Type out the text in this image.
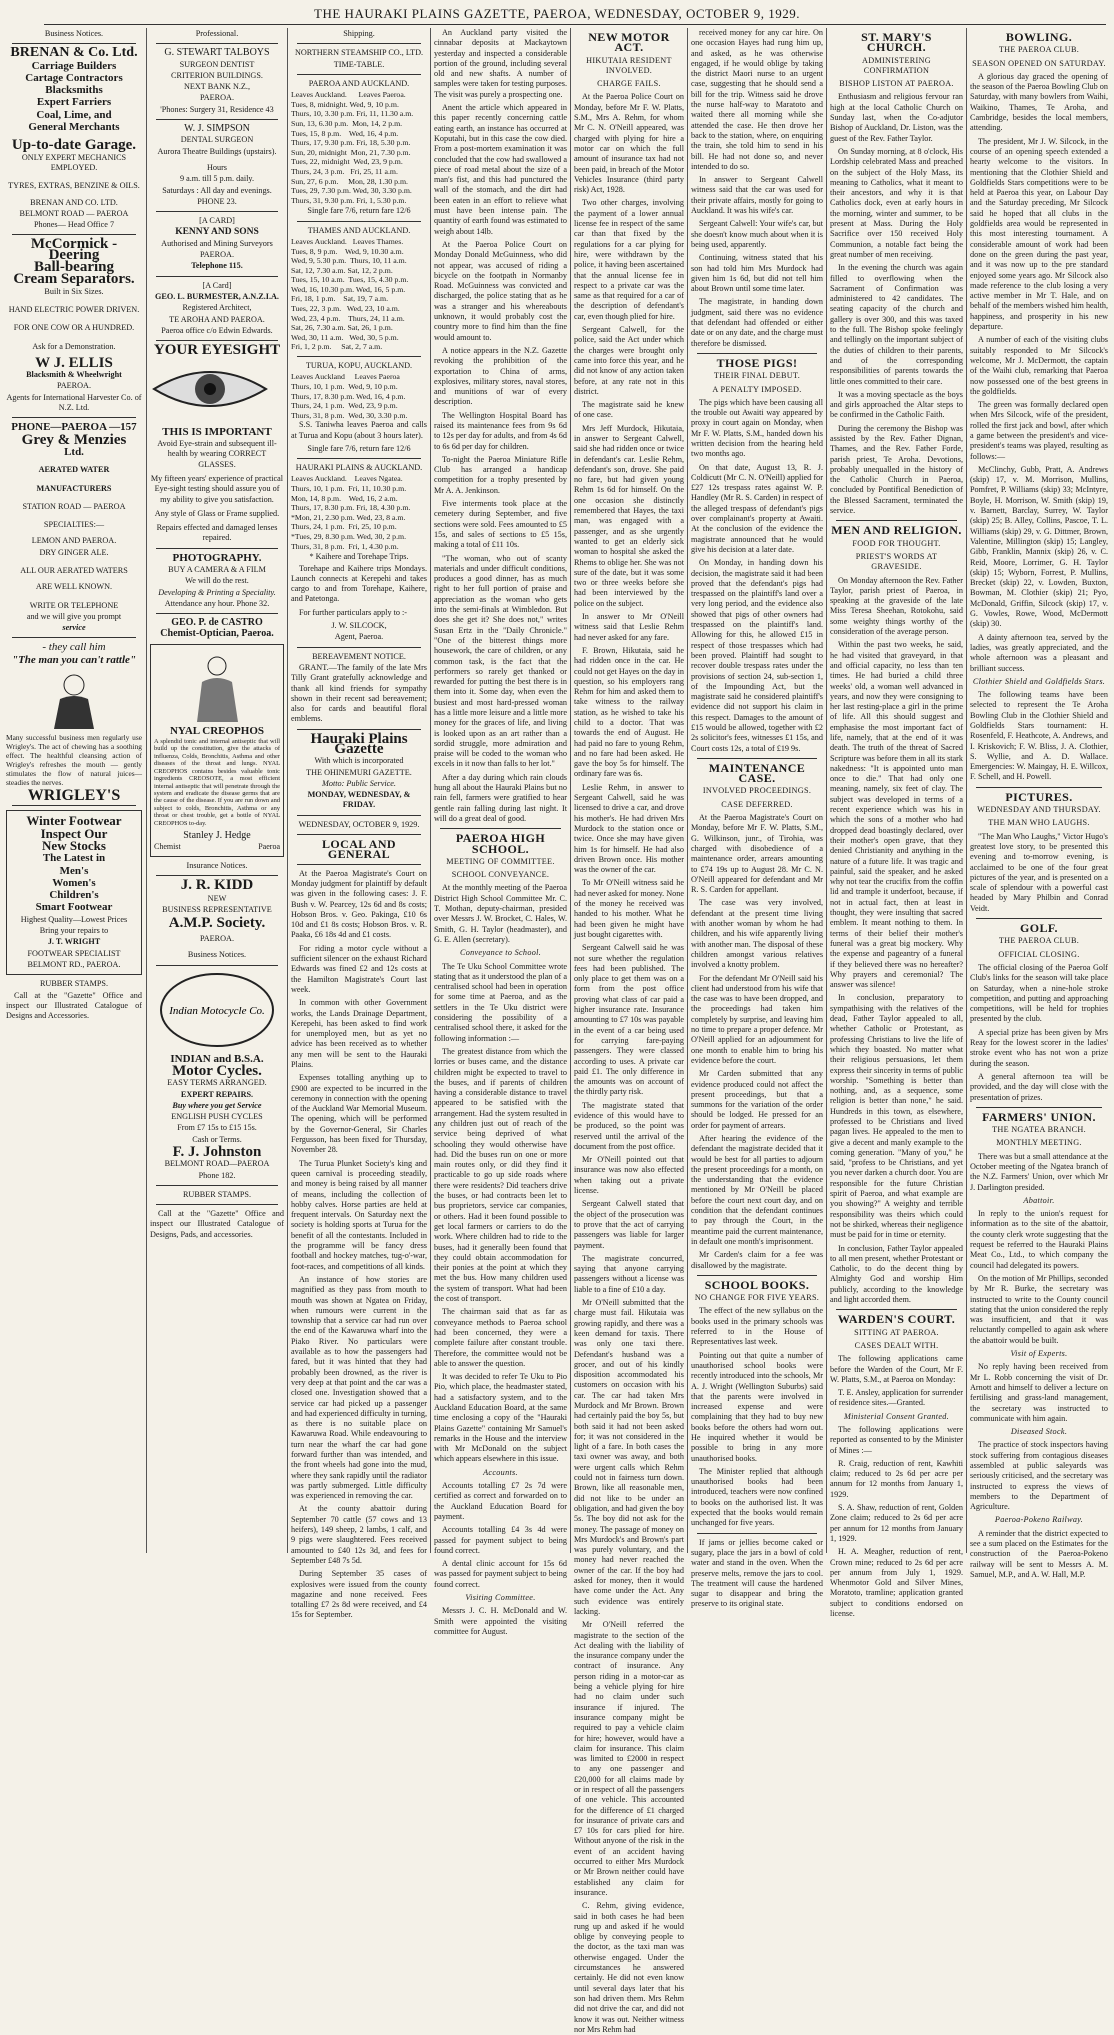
THE HAURAKI PLAINS GAZETTE, PAEROA, WEDNESDAY, OCTOBER 9, 1929.
Business Notices.
BRENAN & Co. Ltd.
Carriage Builders
Cartage Contractors
Blacksmiths
Expert Farriers
Coal, Lime, and
General Merchants
Up-to-date Garage.
ONLY EXPERT MECHANICS EMPLOYED.
TYRES, EXTRAS, BENZINE & OILS.
BRENAN AND CO. LTD.
BELMONT ROAD — PAEROA
Phones— Head Office 7
McCormick - Deering
Ball-bearing
Cream Separators.
Built in Six Sizes.
HAND ELECTRIC POWER DRIVEN.
FOR ONE COW OR A HUNDRED.
Ask for a Demonstration.
W J. ELLIS
Blacksmith & Wheelwright
PAEROA.
Agents for International Harvester Co. of N.Z. Ltd.
PHONE—PAEROA —157
Grey & Menzies
Ltd.
AERATED WATER
MANUFACTURERS
STATION ROAD — PAEROA
SPECIALTIES:—
LEMON AND PAEROA.
DRY GINGER ALE.
ALL OUR AERATED WATERS
ARE WELL KNOWN.
WRITE OR TELEPHONE
and we will give you prompt
service
- they call him
"The man you can't rattle"
Many successful business men regularly use Wrigley's. The act of chewing has a soothing effect. The healthful cleansing action of Wrigley's refreshes the mouth — gently stimulates the flow of natural juices—steadies the nerves.
WRIGLEY'S
Winter Footwear
Inspect Our
New Stocks
The Latest in
Men's
Women's
Children's
Smart Footwear
Highest Quality—Lowest Prices
Bring your repairs to
J. T. WRIGHT
FOOTWEAR SPECIALIST
BELMONT RD., PAEROA.
RUBBER STAMPS.

Call at the "Gazette" Office and inspect our Illustrated Catalogue of Designs and Accessories.

Professional.
G. STEWART TALBOYS
SURGEON DENTIST
CRITERION BUILDINGS.
NEXT BANK N.Z.,
PAEROA.
'Phones: Surgery 31, Residence 43
W. J. SIMPSON
DENTAL SURGEON
Aurora Theatre Buildings (upstairs).
Hours
9 a.m. till 5 p.m. daily.
Saturdays : All day and evenings.
PHONE 23.
[A CARD]
KENNY AND SONS
Authorised and Mining Surveyors
PAEROA.
Telephone 115.
[A Card]
GEO. L. BURMESTER, A.N.Z.I.A.
Registered Architect,
TE AROHA AND PAEROA.
Paeroa office c/o Edwin Edwards.
YOUR EYESIGHT
THIS IS IMPORTANT
Avoid Eye-strain and subsequent ill-health by wearing CORRECT GLASSES.
My fifteen years' experience of practical Eye-sight testing should assure you of my ability to give you satisfaction.
Any style of Glass or Frame supplied.
Repairs effected and damaged lenses repaired.
PHOTOGRAPHY.
BUY A CAMERA & A FILM
We will do the rest.
Developing & Printing a Speciality.
Attendance any hour. Phone 32.
GEO. P. de CASTRO
Chemist-Optician, Paeroa.
NYAL CREOPHOS
A splendid tonic and internal antiseptic that will build up the constitution, give the attacks of influenza, Colds, Bronchitis, Asthma and other diseases of the throat and lungs. NYAL CREOPHOS contains besides valuable tonic ingredients CREOSOTE, a most efficient internal antiseptic that will penetrate through the system and eradicate the disease germs that are the cause of the disease. If you are run down and subject to colds, Bronchitis, Asthma or any throat or chest trouble, get a bottle of NYAL CREOPHOS to-day.
Stanley J. Hedge
Chemist	Paeroa
Insurance Notices.
J. R. KIDD
NEW
BUSINESS REPRESENTATIVE
A.M.P. Society.
PAEROA.
Business Notices.
Indian Motocycle Co.
INDIAN and B.S.A.
Motor Cycles.
EASY TERMS ARRANGED.
EXPERT REPAIRS.
Buy where you get Service
ENGLISH PUSH CYCLES
From £7 15s to £15 15s.
Cash or Terms.
F. J. Johnston
BELMONT ROAD—PAEROA
Phone 182.
RUBBER STAMPS.

Call at the "Gazette" Office and inspect our Illustrated Catalogue of Designs, Pads, and accessories.

Shipping.
NORTHERN STEAMSHIP CO., LTD.
TIME-TABLE.
PAEROA AND AUCKLAND.
Leaves Auckland.      Leaves Paeroa.
Tues, 8, midnight. Wed, 9, 10 p.m.
Thurs, 10, 3.30 p.m. Fri, 11, 11.30 a.m.
Sun, 13, 6.30 p.m.  Mon, 14, 2 p.m.
Tues, 15, 8 p.m.    Wed, 16, 4 p.m.
Thurs, 17, 9.30 p.m. Fri, 18, 5.30 p.m.
Sun, 20, midnight  Mon, 21, 7.30 p.m.
Tues, 22, midnight  Wed, 23, 9 p.m.
Thurs, 24, 3 p.m.   Fri, 25, 11 a.m.
Sun, 27, 6 p.m.     Mon, 28, 1.30 p.m.
Tues, 29, 7.30 p.m. Wed, 30, 3.30 p.m.
Thurs, 31, 9.30 p.m. Fri, 1, 5.30 p.m.
Single fare 7/6, return fare 12/6
THAMES AND AUCKLAND.
Leaves Auckland.   Leaves Thames.
Tues, 8, 9 p.m.    Wed, 9, 10.30 a.m.
Wed, 9, 5.30 p.m.  Thurs, 10, 11 a.m.
Sat, 12, 7.30 a.m. Sat, 12, 2 p.m.
Tues, 15, 10 a.m.  Tues, 15, 4.30 p.m.
Wed, 16, 10.30 p.m. Wed, 16, 5 p.m.
Fri, 18, 1 p.m.    Sat, 19, 7 a.m.
Tues, 22, 3 p.m.   Wed, 23, 10 a.m.
Wed, 23, 4 p.m.    Thurs, 24, 11 a.m.
Sat, 26, 7.30 a.m. Sat, 26, 1 p.m.
Wed, 30, 11 a.m.   Wed, 30, 5 p.m.
Fri, 1, 2 p.m.     Sat, 2, 7 a.m.
TURUA, KOPU, AUCKLAND.
Leaves Auckland     Leaves Paeroa
Thurs, 10, 1 p.m.  Wed, 9, 10 p.m.
Thurs, 17, 8.30 p.m. Wed, 16, 4 p.m.
Thurs, 24, 1 p.m.  Wed, 23, 9 p.m.
Thurs, 31, 8 p.m.  Wed, 30, 3.30 p.m.

S.S. Taniwha leaves Paeroa and calls at Turua and Kopu (about 3 hours later).

Single fare 7/6, return fare 12/6
HAURAKI PLAINS & AUCKLAND.
Leaves Auckland.    Leaves Ngatea.
Thurs, 10, 1 p.m.  Fri, 11, 10.30 p.m.
Mon, 14, 8 p.m.    Wed, 16, 2 a.m.
Thurs, 17, 8.30 p.m. Fri, 18, 4.30 p.m.
*Mon, 21, 2.30 p.m. Wed, 23, 8 a.m.
Thurs, 24, 1 p.m.  Fri, 25, 10 p.m.
*Tues, 29, 8.30 p.m. Wed, 30, 2 p.m.
Thurs, 31, 8 p.m.  Fri, 1, 4.30 p.m.
* Kaihere and Torehape Trips.

Torehape and Kaihere trips Mondays. Launch connects at Kerepehi and takes cargo to and from Torehape, Kaihere, and Patetonga.

For further particulars apply to :-

J. W. SILCOCK,
Agent, Paeroa.
BEREAVEMENT NOTICE.

GRANT.—The family of the late Mrs Tilly Grant gratefully acknowledge and thank all kind friends for sympathy shown in their recent sad bereavement; also for cards and beautiful floral emblems.

Hauraki Plains Gazette
With which is incorporated
THE OHINEMURI GAZETTE.
Motto: Public Service.
MONDAY, WEDNESDAY, & FRIDAY.
WEDNESDAY, OCTOBER 9, 1929.
LOCAL AND GENERAL

At the Paeroa Magistrate's Court on Monday judgment for plaintiff by default was given in the following cases: J. F. Bush v. W. Pearcey, 12s 6d and 8s costs; Hobson Bros. v. Geo. Pakinga, £10 6s 10d and £1 8s costs; Hobson Bros. v. R. Paaka, £6 18s 4d and £1 costs.

For riding a motor cycle without a sufficient silencer on the exhaust Richard Edwards was fined £2 and 12s costs at the Hamilton Magistrate's Court last week.

In common with other Government works, the Lands Drainage Department, Kerepehi, has been asked to find work for unemployed men, but as yet no advice has been received as to whether any men will be sent to the Hauraki Plains.

Expenses totalling anything up to £900 are expected to be incurred in the ceremony in connection with the opening of the Auckland War Memorial Museum. The opening, which will be performed by the Governor-General, Sir Charles Fergusson, has been fixed for Thursday, November 28.

The Turua Plunket Society's king and queen carnival is proceeding steadily, and money is being raised by all manner of means, including the collection of hobby calves. Horse parties are held at frequent intervals. On Saturday next the society is holding sports at Turua for the benefit of all the contestants. Included in the programme will be fancy dress football and hockey matches, tug-o'-war, foot-races, and competitions of all kinds.

An instance of how stories are magnified as they pass from mouth to mouth was shown at Ngatea on Friday, when rumours were current in the township that a service car had run over the end of the Kawaruwa wharf into the Piako River. No particulars were available as to how the passengers had fared, but it was hinted that they had probably been drowned, as the river is very deep at that point and the car was a closed one. Investigation showed that a service car had picked up a passenger and had experienced difficulty in turning, as there is no suitable place on Kawaruwa Road. While endeavouring to turn near the wharf the car had gone forward further than was intended, and the front wheels had gone into the mud, where they sank rapidly until the radiator was partly submerged. Little difficulty was experienced in removing the car.

At the county abattoir during September 70 cattle (57 cows and 13 heifers), 149 sheep, 2 lambs, 1 calf, and 9 pigs were slaughtered. Fees received amounted to £40 12s 3d, and fees for September £48 7s 5d.

During September 35 cases of explosives were issued from the county magazine and none received. Fees totalling £7 2s 8d were received, and £4 15s for September.

An Auckland party visited the cinnabar deposits at Mackaytown yesterday and inspected a considerable portion of the ground, including several old and new shafts. A number of samples were taken for testing purposes. The visit was purely a prospecting one.

Anent the article which appeared in this paper recently concerning cattle eating earth, an instance has occurred at Koputahi, but in this case the cow died. From a post-mortem examination it was concluded that the cow had swallowed a piece of road metal about the size of a man's fist, and this had punctured the wall of the stomach, and the dirt had been eaten in an effort to relieve what must have been intense pain. The quantity of earth found was estimated to weigh about 14lb.

At the Paeroa Police Court on Monday Donald McGuinness, who did not appear, was accused of riding a bicycle on the footpath in Normanby Road. McGuinness was convicted and discharged, the police stating that as he was a stranger and his whereabouts unknown, it would probably cost the country more to find him than the fine would amount to.

A notice appears in the N.Z. Gazette revoking the prohibition of the exportation to China of arms, explosives, military stores, naval stores, and munitions of war of every description.

The Wellington Hospital Board has raised its maintenance fees from 9s 6d to 12s per day for adults, and from 4s 6d to 6s 6d per day for children.

To-night the Paeroa Miniature Rifle Club has arranged a handicap competition for a trophy presented by Mr A. A. Jenkinson.

Five interments took place at the cemetery during September, and five sections were sold. Fees amounted to £5 15s, and sales of sections to £5 15s, making a total of £11 10s.

"The woman, who out of scanty materials and under difficult conditions, produces a good dinner, has as much right to her full portion of praise and appreciation as the woman who gets into the semi-finals at Wimbledon. But does she get it? She does not," writes Susan Ertz in the "Daily Chronicle." "One of the bitterest things more housework, the care of children, or any common task, is the fact that the performers so rarely get thanked or rewarded for putting the best there is in them into it. Some day, when even the busiest and most hard-pressed woman has a little more leisure and a little more money for the graces of life, and living is looked upon as an art rather than a sordid struggle, more admiration and praise will be coded to the woman who excels in it now than falls to her lot."

After a day during which rain clouds hung all about the Hauraki Plains but no rain fell, farmers were gratified to hear gentle rain falling during last night. It will do a great deal of good.

PAEROA HIGH SCHOOL.
MEETING OF COMMITTEE.
SCHOOL CONVEYANCE.

At the monthly meeting of the Paeroa District High School Committee Mr. C. T. Mothan, deputy-chairman, presided over Messrs J. W. Brocket, C. Hales, W. Smith, G. H. Taylor (headmaster), and G. E. Allen (secretary).

Conveyance to School.

The Te Uku School Committee wrote stating that as it understood the plan of a centralised school had been in operation for some time at Paeroa, and as the settlers in the Te Uku district were considering the possibility of a centralised school there, it asked for the following information :—

The greatest distance from which the lorries or buses came, and the distance children might be expected to travel to the buses, and if parents of children having a considerable distance to travel appeared to be satisfied with the arrangement. Had the system resulted in any children just out of reach of the service being deprived of what schooling they would otherwise have had. Did the buses run on one or more main routes only, or did they find it practicable to go up side roads where there were residents? Did teachers drive the buses, or had contracts been let to bus proprietors, service car companies, or others. Had it been found possible to get local farmers or carriers to do the work. Where children had to ride to the buses, had it generally been found that they could obtain accommodation for their ponies at the point at which they met the bus. How many children used the system of transport. What had been the cost of transport.

The chairman said that as far as conveyance methods to Paeroa school had been concerned, they were a complete failure after constant trouble. Therefore, the committee would not be able to answer the question.

It was decided to refer Te Uku to Pio Pio, which place, the headmaster stated, had a satisfactory system, and to the Auckland Education Board, at the same time enclosing a copy of the "Hauraki Plains Gazette" containing Mr Samuel's remarks in the House and the interview with Mr McDonald on the subject which appears elsewhere in this issue.

Accounts.

Accounts totalling £7 2s 7d were certified as correct and forwarded on to the Auckland Education Board for payment.

Accounts totalling £4 3s 4d were passed for payment subject to being found correct.

A dental clinic account for 15s 6d was passed for payment subject to being found correct.

Visiting Committee.

Messrs J. C. H. McDonald and W. Smith were appointed the visiting committee for August.

NEW MOTOR ACT.
HIKUTAIA RESIDENT INVOLVED.
CHARGE FAILS.

At the Paeroa Police Court on Monday, before Mr F. W. Platts, S.M., Mrs A. Rehm, for whom Mr C. N. O'Neill appeared, was charged with plying for hire a motor car on which the full amount of insurance tax had not been paid, in breach of the Motor Vehicles Insurance (third party risk) Act, 1928.

Two other charges, involving the payment of a lower annual license fee in respect of the same car than that fixed by the regulations for a car plying for hire, were withdrawn by the police, it having been ascertained that the annual license fee in respect to a private car was the same as that required for a car of the description of defendant's car, even though plied for hire.

Sergeant Calwell, for the police, said the Act under which the charges were brought only came into force this year, and he did not know of any action taken before, at any rate not in this district.

The magistrate said he knew of one case.

Mrs Jeff Murdock, Hikutaia, in answer to Sergeant Calwell, said she had ridden once or twice in defendant's car. Leslie Rehm, defendant's son, drove. She paid no fare, but had given young Rehm 1s 6d for himself. On the one occasion she distinctly remembered that Hayes, the taxi man, was engaged with a passenger, and as she urgently wanted to get an elderly sick woman to hospital she asked the Rhems to oblige her. She was not sure of the date, but it was some two or three weeks before she had been interviewed by the police on the subject.

In answer to Mr O'Neill witness said that Leslie Rehm had never asked for any fare.

F. Brown, Hikutaia, said he had ridden once in the car. He could not get Hayes on the day in question, so his employers rang Rehm for him and asked them to take witness to the railway station, as he wished to take his child to a doctor. That was towards the end of August. He had paid no fare to young Rehm, and no fare had been asked. He gave the boy 5s for himself. The ordinary fare was 6s.

Leslie Rehm, in answer to Sergeant Calwell, said he was licensed to drive a car, and drove his mother's. He had driven Mrs Murdock to the station once or twice. Once she may have given him 1s for himself. He had also driven Brown once. His mother was the owner of the car.

To Mr O'Neill witness said he had never asked for money. None of the money he received was handed to his mother. What he had been given he might have just bought cigarettes with.

Sergeant Calwell said he was not sure whether the regulation fees had been published. The only place to get them was on a form from the post office proving what class of car paid a higher insurance rate. Insurance amounting to £7 10s was payable in the event of a car being used for carrying fare-paying passengers. They were classed according to uses. A private car paid £1. The only difference in the amounts was on account of the thirdly party risk.

The magistrate stated that evidence of this would have to be produced, so the point was reserved until the arrival of the document from the post office.

Mr O'Neill pointed out that insurance was now also effected when taking out a private license.

Sergeant Calwell stated that the object of the prosecution was to prove that the act of carrying passengers was liable for larger payment.

The magistrate concurred, saying that anyone carrying passengers without a license was liable to a fine of £10 a day.

Mr O'Neill submitted that the charge must fail. Hikutaia was growing rapidly, and there was a keen demand for taxis. There was only one taxi there. Defendant's husband was a grocer, and out of his kindly disposition accommodated his customers on occasion with his car. The car had taken Mrs Murdock and Mr Brown. Brown had certainly paid the boy 5s, but both said it had not been asked for; it was not considered in the light of a fare. In both cases the taxi owner was away, and both were urgent calls which Rehm could not in fairness turn down. Brown, like all reasonable men, did not like to be under an obligation, and had given the boy 5s. The boy did not ask for the money. The passage of money on Mrs Murdock's and Brown's part was purely voluntary, and the money had never reached the owner of the car. If the boy had asked for money, then it would have come under the Act. Any such evidence was entirely lacking.

Mr O'Neill referred the magistrate to the section of the Act dealing with the liability of the insurance company under the contract of insurance. Any person riding in a motor-car as being a vehicle plying for hire had no claim under such insurance if injured. The insurance company might be required to pay a vehicle claim for hire; however, would have a claim for insurance. This claim was limited to £2000 in respect to any one passenger and £20,000 for all claims made by or in respect of all the passengers of one vehicle. This accounted for the difference of £1 charged for insurance of private cars and £7 10s for cars plied for hire. Without anyone of the risk in the event of an accident having occurred to either Mrs Murdock or Mr Brown neither could have established any claim for insurance.

C. Rehm, giving evidence, said in both cases he had been rung up and asked if he would oblige by conveying people to the doctor, as the taxi man was otherwise engaged. Under the circumstances he answered certainly. He did not even know until several days later that his son had driven them. Mrs Rehm did not drive the car, and did not know it was out. Neither witness nor Mrs Rehm had

received money for any car hire. On one occasion Hayes had rung him up, and asked, as he was otherwise engaged, if he would oblige by taking the district Maori nurse to an urgent case, suggesting that he should send a bill for the trip. Witness said he drove the nurse half-way to Maratoto and waited there all morning while she attended the case. He then drove her back to the station, where, on enquiring the train, she told him to send in his bill. He had not done so, and never intended to do so.

In answer to Sergeant Calwell witness said that the car was used for their private affairs, mostly for going to Auckland. It was his wife's car.

Sergeant Calwell: Your wife's car, but she doesn't know much about when it is being used, apparently.

Continuing, witness stated that his son had told him Mrs Murdock had given him 1s 6d, but did not tell him about Brown until some time later.

The magistrate, in handing down judgment, said there was no evidence that defendant had offended or either date or on any date, and the charge must therefore be dismissed.

THOSE PIGS!
THEIR FINAL DEBUT.
A PENALTY IMPOSED.

The pigs which have been causing all the trouble out Awaiti way appeared by proxy in court again on Monday, when Mr F. W. Platts, S.M., handed down his written decision from the hearing held two months ago.

On that date, August 13, R. J. Coldicutt (Mr C. N. O'Neill) applied for £27 12s trespass rates against W. P. Handley (Mr R. S. Carden) in respect of the alleged trespass of defendant's pigs over complainant's property at Awaiti. At the conclusion of the evidence the magistrate announced that he would give his decision at a later date.

On Monday, in handing down his decision, the magistrate said it had been proved that the defendant's pigs had trespassed on the plaintiff's land over a very long period, and the evidence also showed that pigs of other owners had trespassed on the plaintiff's land. Allowing for this, he allowed £15 in respect of those trespasses which had been proved. Plaintiff had sought to recover double trespass rates under the provisions of section 24, sub-section 1, of the Impounding Act, but the magistrate said he considered plaintiff's evidence did not support his claim in this respect. Damages to the amount of £15 would be allowed, together with £2 2s solicitor's fees, witnesses £1 15s, and Court costs 12s, a total of £19 9s.

MAINTENANCE CASE.
INVOLVED PROCEEDINGS.
CASE DEFERRED.

At the Paeroa Magistrate's Court on Monday, before Mr F. W. Platts, S.M., G. Wilkinson, junr., of Tirohia, was charged with disobedience of a maintenance order, arrears amounting to £74 19s up to August 28. Mr C. N. O'Neill appeared for defendant and Mr R. S. Carden for appellant.

The case was very involved, defendant at the present time living with another woman by whom he had children, and his wife apparently living with another man. The disposal of these children amongst various relatives involved a knotty problem.

For the defendant Mr O'Neill said his client had understood from his wife that the case was to have been dropped, and the proceedings had taken him completely by surprise, and leaving him no time to prepare a proper defence. Mr O'Neill applied for an adjournment for one month to enable him to bring his evidence before the court.

Mr Carden submitted that any evidence produced could not affect the present proceedings, but that a summons for the variation of the order should be lodged. He pressed for an order for payment of arrears.

After hearing the evidence of the defendant the magistrate decided that it would be best for all parties to adjourn the present proceedings for a month, on the understanding that the evidence mentioned by Mr O'Neill be placed before the court next court day, and on condition that the defendant continues to pay through the Court, in the meantime paid the current maintenance, in default one month's imprisonment.

Mr Carden's claim for a fee was disallowed by the magistrate.

SCHOOL BOOKS.
NO CHANGE FOR FIVE YEARS.

The effect of the new syllabus on the books used in the primary schools was referred to in the House of Representatives last week.

Pointing out that quite a number of unauthorised school books were recently introduced into the schools, Mr A. J. Wright (Wellington Suburbs) said that the parents were involved in increased expense and were complaining that they had to buy new books before the others had worn out. He inquired whether it would be possible to bring in any more unauthorised books.

The Minister replied that although unauthorised books had been introduced, teachers were now confined to books on the authorised list. It was expected that the books would remain unchanged for five years.

If jams or jellies become caked or sugary, place the jars in a bowl of cold water and stand in the oven. When the preserve melts, remove the jars to cool. The treatment will cause the hardened sugar to disappear and bring the preserve to its original state.

ST. MARY'S CHURCH.
ADMINISTERING CONFIRMATION
BISHOP LISTON AT PAEROA.

Enthusiasm and religious fervour ran high at the local Catholic Church on Sunday last, when the Co-adjutor Bishop of Auckland, Dr. Liston, was the guest of the Rev. Father Taylor.

On Sunday morning, at 8 o'clock, His Lordship celebrated Mass and preached on the subject of the Holy Mass, its meaning to Catholics, what it meant to their ancestors, and why it is that Catholics dock, even at early hours in the morning, winter and summer, to be present at Mass. During the Holy Sacrifice over 150 received Holy Communion, a notable fact being the great number of men receiving.

In the evening the church was again filled to overflowing when the Sacrament of Confirmation was administered to 42 candidates. The seating capacity of the church and gallery is over 300, and this was taxed to the full. The Bishop spoke feelingly and tellingly on the important subject of the duties of children to their parents, and of the corresponding responsibilities of parents towards the little ones committed to their care.

It was a moving spectacle as the boys and girls approached the Altar steps to be confirmed in the Catholic Faith.

During the ceremony the Bishop was assisted by the Rev. Father Dignan, Thames, and the Rev. Father Forde, parish priest, Te Aroha. Devotions, probably unequalled in the history of the Catholic Church in Paeroa, concluded by Pontifical Benediction of the Blessed Sacrament, terminated the service.

MEN AND RELIGION.
FOOD FOR THOUGHT.
PRIEST'S WORDS AT GRAVESIDE.

On Monday afternoon the Rev. Father Taylor, parish priest of Paeroa, in speaking at the graveside of the late Miss Teresa Sheehan, Rotokohu, said some weighty things worthy of the consideration of the average person.

Within the past two weeks, he said, he had visited that graveyard, in that and official capacity, no less than ten times. He had buried a child three weeks' old, a woman well advanced in years, and now they were consigning to her last resting-place a girl in the prime of life. All this should suggest and emphasise the most important fact of life, namely, that at the end of it was death. The truth of the threat of Sacred Scripture was before them in all its stark nakedness: "It is appointed unto man once to die." That had only one meaning, namely, six feet of clay. The subject was developed in terms of a recent experience which was his in which the sons of a mother who had dropped dead boastingly declared, over their mother's open grave, that they denied Christianity and anything in the nature of a future life. It was tragic and painful, said the speaker, and he asked why not tear the crucifix from the coffin lid and trample it underfoot, because, if not in actual fact, then at least in thought, they were insulting that sacred emblem. It meant nothing to them. In terms of their belief their mother's funeral was a great big mockery. Why the expense and pageantry of a funeral if they believed there was no hereafter? Why prayers and ceremonial? The answer was silence!

In conclusion, preparatory to sympathising with the relatives of the dead, Father Taylor appealed to all, whether Catholic or Protestant, as professing Christians to live the life of which they boasted. No matter what their religious persuasions, let them express their sincerity in terms of public worship. "Something is better than nothing, and, as a sequence, some religion is better than none," he said. Hundreds in this town, as elsewhere, professed to be Christians and lived pagan lives. He appealed to the men to give a decent and manly example to the coming generation. "Many of you," he said, "profess to be Christians, and yet you never darken a church door. You are responsible for the future Christian spirit of Paeroa, and what example are you showing?" A weighty and terrible responsibility was theirs which could not be shirked, whereas their negligence must be paid for in time or eternity.

In conclusion, Father Taylor appealed to all men present, whether Protestant or Catholic, to do the decent thing by Almighty God and worship Him publicly, according to the knowledge and light accorded them.

WARDEN'S COURT.
SITTING AT PAEROA.
CASES DEALT WITH.

The following applications came before the Warden of the Court, Mr F. W. Platts, S.M., at Paeroa on Monday:

T. E. Ansley, application for surrender of residence sites.—Granted.

Ministerial Consent Granted.

The following applications were reported as consented to by the Minister of Mines :—

R. Craig, reduction of rent, Kawhiti claim; reduced to 2s 6d per acre per annum for 12 months from January 1, 1929.

S. A. Shaw, reduction of rent, Golden Zone claim; reduced to 2s 6d per acre per annum for 12 months from January 1, 1929.

H. A. Meagher, reduction of rent, Crown mine; reduced to 2s 6d per acre per annum from July 1, 1929. Whenmotor Gold and Silver Mines, Moratoto, tramline; application granted subject to conditions endorsed on license.

BOWLING.
THE PAEROA CLUB.
SEASON OPENED ON SATURDAY.

A glorious day graced the opening of the season of the Paeroa Bowling Club on Saturday, with many bowlers from Waihi, Waikino, Thames, Te Aroha, and Cambridge, besides the local members, attending.

The president, Mr J. W. Silcock, in the course of an opening speech extended a hearty welcome to the visitors. In mentioning that the Clothier Shield and Goldfields Stars competitions were to be held at Paeroa this year, on Labour Day and the Saturday preceding, Mr Silcock said he hoped that all clubs in the goldfields area would be represented in this most interesting tournament. A considerable amount of work had been done on the green during the past year, and it was now up to the pre standard enjoyed some years ago. Mr Silcock also made reference to the club losing a very active member in Mr T. Hale, and on behalf of the members wished him health, happiness, and prosperity in his new departure.

A number of each of the visiting clubs suitably responded to Mr Silcock's welcome, Mr J. McDermott, the captain of the Waihi club, remarking that Paeroa now possessed one of the best greens in the goldfields.

The green was formally declared open when Mrs Silcock, wife of the president, rolled the first jack and bowl, after which a game between the president's and vice-president's teams was played, resulting as follows:—

McClinchy, Gubb, Pratt, A. Andrews (skip) 17, v. M. Morrison, Mullins, Pomfret, P. Williams (skip) 33; McIntyre, Boyle, H. Morrison, W. Smith (skip) 19, v. Barnett, Barclay, Surrey, W. Taylor (skip) 25; B. Alley, Collins, Pascoe, T. L. Williams (skip) 29, v. G. Dittmer, Brown, Valentine, Millington (skip) 15; Langley, Gibb, Franklin, Mannix (skip) 26, v. C. Reid, Moore, Lorrimer, G. H. Taylor (skip) 15; Wyborn, Forrest, P. Mullins, Brecket (skip) 22, v. Lowden, Buxton, Bowman, M. Clothier (skip) 21; Pyo, McDonald, Griffin, Silcock (skip) 17, v. G. Vowles, Rowe, Wood, McDermott (skip) 30.

A dainty afternoon tea, served by the ladies, was greatly appreciated, and the whole afternoon was a pleasant and brilliant success.

Clothier Shield and Goldfields Stars.

The following teams have been selected to represent the Te Aroha Bowling Club in the Clothier Shield and Goldfields Stars tournament: H. Rosenfeld, F. Heathcote, A. Andrews, and I. Kriskovich; F. W. Bliss, J. A. Clothier, S. Wyllie, and A. D. Wallace. Emergencies: W. Maingay, H. E. Willcox, F. Schell, and H. Powell.

PICTURES.
WEDNESDAY AND THURSDAY.
THE MAN WHO LAUGHS.

"The Man Who Laughs," Victor Hugo's greatest love story, to be presented this evening and to-morrow evening, is acclaimed to be one of the four great pictures of the year, and is presented on a scale of splendour with a powerful cast headed by Mary Philbin and Conrad Veidt.

GOLF.
THE PAEROA CLUB.
OFFICIAL CLOSING.

The official closing of the Paeroa Golf Club's links for the season will take place on Saturday, when a nine-hole stroke competition, and putting and approaching competitions, will be held for trophies presented by the club.

A special prize has been given by Mrs Reay for the lowest scorer in the ladies' stroke event who has not won a prize during the season.

A general afternoon tea will be provided, and the day will close with the presentation of prizes.

FARMERS' UNION.
THE NGATEA BRANCH.
MONTHLY MEETING.

There was but a small attendance at the October meeting of the Ngatea branch of the N.Z. Farmers' Union, over which Mr J. Darlington presided.

Abattoir.

In reply to the union's request for information as to the site of the abattoir, the county clerk wrote suggesting that the request be referred to the Hauraki Plains Meat Co., Ltd., to which company the council had delegated its powers.

On the motion of Mr Phillips, seconded by Mr R. Burke, the secretary was instructed to write to the County council stating that the union considered the reply was insufficient, and that it was reluctantly compelled to again ask where the abattoir would be built.

Visit of Experts.

No reply having been received from Mr L. Robb concerning the visit of Dr. Arnott and himself to deliver a lecture on fertilising and grass-land management, the secretary was instructed to communicate with him again.

Diseased Stock.

The practice of stock inspectors having stock suffering from contagious diseases assembled at public saleyards was seriously criticised, and the secretary was instructed to express the views of members to the Department of Agriculture.

Paeroa-Pokeno Railway.

A reminder that the district expected to see a sum placed on the Estimates for the construction of the Paeroa-Pokeno railway will be sent to Messrs A. M. Samuel, M.P., and A. W. Hall, M.P.
